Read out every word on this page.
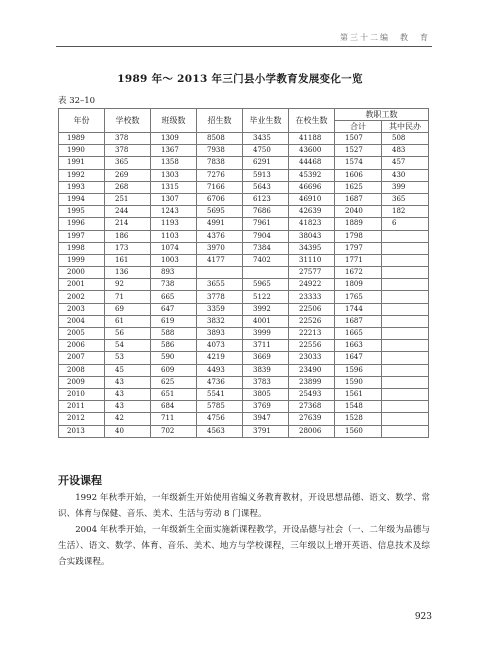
第三十二编　教　育
1989 年～ 2013 年三门县小学教育发展变化一览
表 32–10
年份	学校数	班级数	招生数	毕业生数	在校生数	教职工数	
						合计	其中民办
1989	378	1309	8508	3435	41188	1507	508
1990	378	1367	7938	4750	43600	1527	483
1991	365	1358	7838	6291	44468	1574	457
1992	269	1303	7276	5913	45392	1606	430
1993	268	1315	7166	5643	46696	1625	399
1994	251	1307	6706	6123	46910	1687	365
1995	244	1243	5695	7686	42639	2040	182
1996	214	1193	4991	7961	41823	1889	6
1997	186	1103	4376	7904	38043	1798	
1998	173	1074	3970	7384	34395	1797	
1999	161	1003	4177	7402	31110	1771	
2000	136	893			27577	1672	
2001	92	738	3655	5965	24922	1809	
2002	71	665	3778	5122	23333	1765	
2003	69	647	3359	3992	22506	1744	
2004	61	619	3832	4001	22526	1687	
2005	56	588	3893	3999	22213	1665	
2006	54	586	4073	3711	22556	1663	
2007	53	590	4219	3669	23033	1647	
2008	45	609	4493	3839	23490	1596	
2009	43	625	4736	3783	23899	1590	
2010	43	651	5541	3805	25493	1561	
2011	43	684	5785	3769	27368	1548	
2012	42	711	4756	3947	27639	1528	
2013	40	702	4563	3791	28006	1560	
开设课程
1992 年秋季开始，一年级新生开始使用省编义务教育教材，开设思想品德、语文、数学、常识、体育与保健、音乐、美术、生活与劳动 8 门课程。
2004 年秋季开始，一年级新生全面实施新课程教学，开设品德与社会（一、二年级为品德与生活）、语文、数学、体育、音乐、美术、地方与学校课程，三年级以上增开英语、信息技术及综合实践课程。
923
